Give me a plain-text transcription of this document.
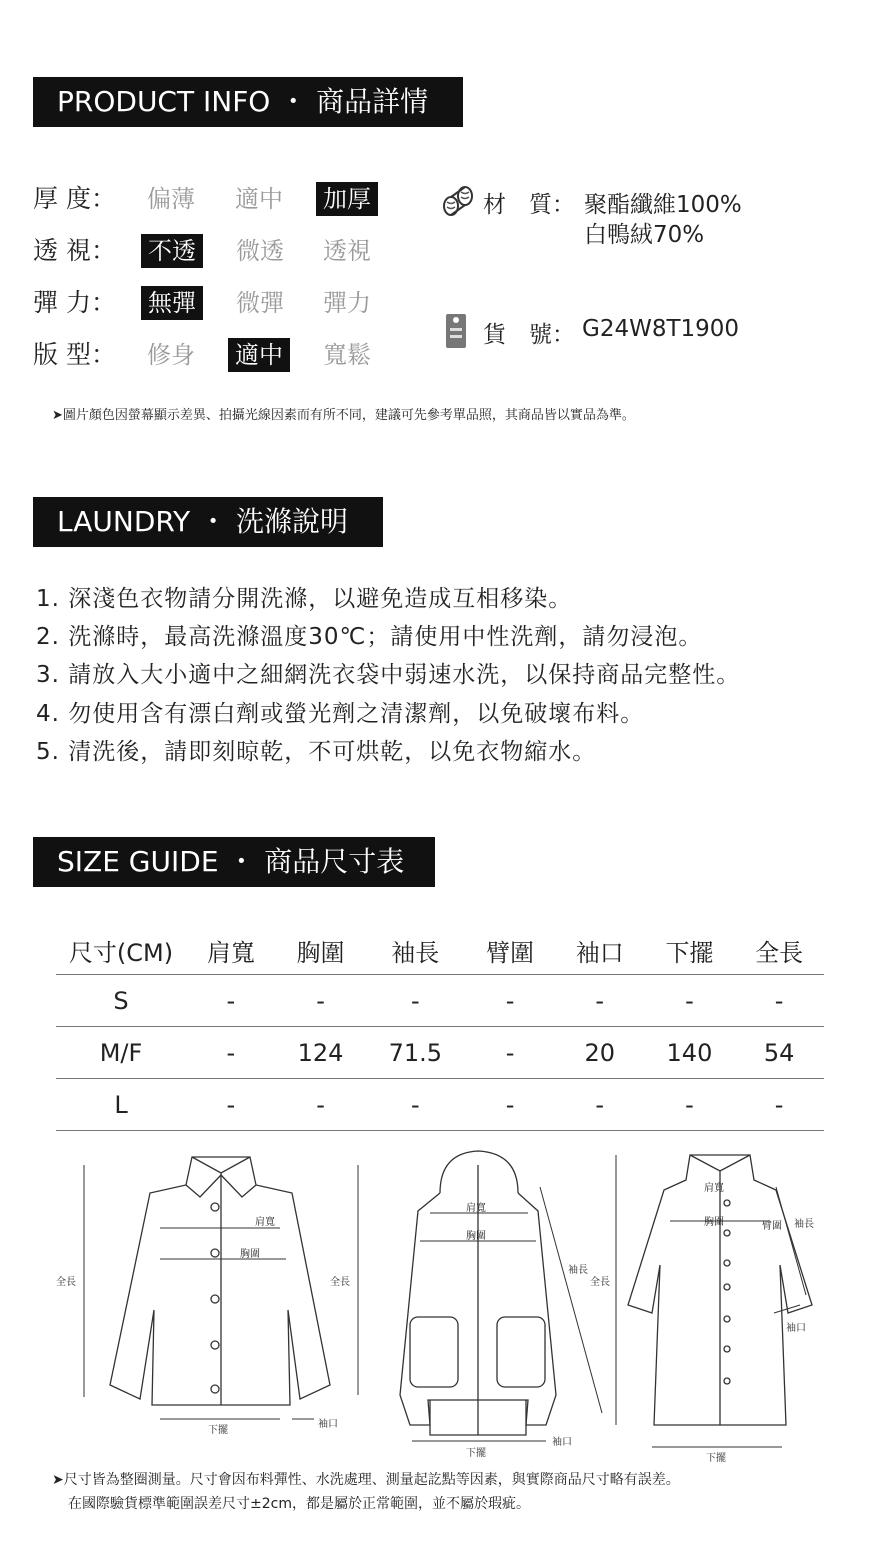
PRODUCT INFO ・ 商品詳情
厚 度： 偏薄 適中 加厚
透 視： 不透 微透 透視
彈 力： 無彈 微彈 彈力
版 型： 修身 適中 寬鬆
材　質： 聚酯纖維100%
白鴨絨70%
貨　號： G24W8T1900
➤圖片顏色因螢幕顯示差異、拍攝光線因素而有所不同，建議可先參考單品照，其商品皆以實品為準。
LAUNDRY ・ 洗滌說明
1. 深淺色衣物請分開洗滌，以避免造成互相移染。
2. 洗滌時，最高洗滌溫度30℃；請使用中性洗劑，請勿浸泡。
3. 請放入大小適中之細網洗衣袋中弱速水洗，以保持商品完整性。
4. 勿使用含有漂白劑或螢光劑之清潔劑，以免破壞布料。
5. 清洗後，請即刻晾乾，不可烘乾，以免衣物縮水。
SIZE GUIDE ・ 商品尺寸表
尺寸(CM)	肩寬	胸圍	袖長	臂圍	袖口	下擺	全長
S	-	-	-	-	-	-	-
M/F	-	124	71.5	-	20	140	54
L	-	-	-	-	-	-	-
全長
肩寬
胸圍
下擺
袖口
全長
肩寬
胸圍
袖長
下擺
袖口
全長
肩寬
胸圍	臂圍 袖長
袖口
下擺
➤尺寸皆為整圈測量。尺寸會因布料彈性、水洗處理、測量起訖點等因素，與實際商品尺寸略有誤差。
在國際驗貨標準範圍誤差尺寸±2cm，都是屬於正常範圍，並不屬於瑕疵。
